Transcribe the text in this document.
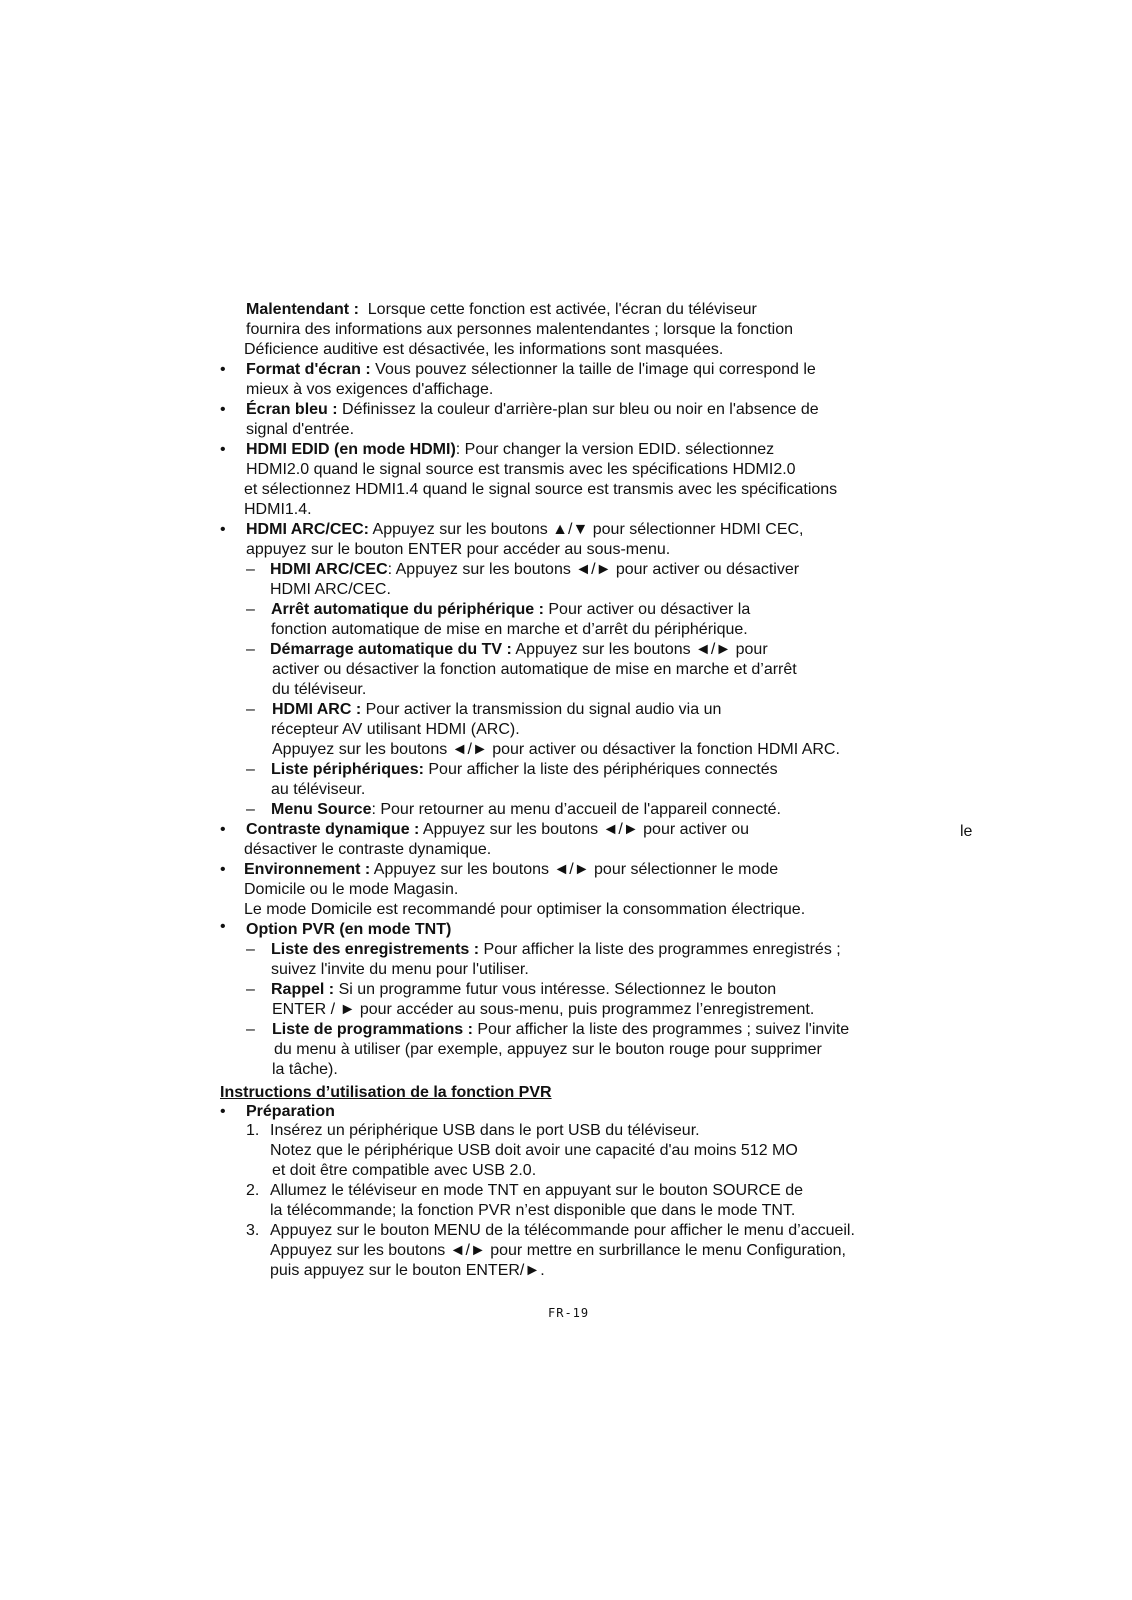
Malentendant : Lorsque cette fonction est activée, l'écran du téléviseur
fournira des informations aux personnes malentendantes ; lorsque la fonction
Déficience auditive est désactivée, les informations sont masquées.
• Format d'écran : Vous pouvez sélectionner la taille de l'image qui correspond le
mieux à vos exigences d'affichage.
• Écran bleu : Définissez la couleur d'arrière-plan sur bleu ou noir en l'absence de
signal d'entrée.
• HDMI EDID (en mode HDMI): Pour changer la version EDID. sélectionnez
HDMI2.0 quand le signal source est transmis avec les spécifications HDMI2.0
et sélectionnez HDMI1.4 quand le signal source est transmis avec les spécifications
HDMI1.4.
• HDMI ARC/CEC: Appuyez sur les boutons ▲/▼ pour sélectionner HDMI CEC,
appuyez sur le bouton ENTER pour accéder au sous-menu.
– HDMI ARC/CEC: Appuyez sur les boutons ◄/► pour activer ou désactiver
HDMI ARC/CEC.
– Arrêt automatique du périphérique : Pour activer ou désactiver la
fonction automatique de mise en marche et d’arrêt du périphérique.
– Démarrage automatique du TV : Appuyez sur les boutons ◄/► pour
activer ou désactiver la fonction automatique de mise en marche et d’arrêt
du téléviseur.
– HDMI ARC : Pour activer la transmission du signal audio via un
récepteur AV utilisant HDMI (ARC).
Appuyez sur les boutons ◄/► pour activer ou désactiver la fonction HDMI ARC.
– Liste périphériques: Pour afficher la liste des périphériques connectés
au téléviseur.
– Menu Source: Pour retourner au menu d’accueil de l'appareil connecté.
• Contraste dynamique : Appuyez sur les boutons ◄/► pour activer ou	le
désactiver le contraste dynamique.
• Environnement : Appuyez sur les boutons ◄/► pour sélectionner le mode
Domicile ou le mode Magasin.
Le mode Domicile est recommandé pour optimiser la consommation électrique.
• Option PVR (en mode TNT)
– Liste des enregistrements : Pour afficher la liste des programmes enregistrés ;
suivez l'invite du menu pour l'utiliser.
– Rappel : Si un programme futur vous intéresse. Sélectionnez le bouton
ENTER / ► pour accéder au sous-menu, puis programmez l’enregistrement.
– Liste de programmations : Pour afficher la liste des programmes ; suivez l'invite
du menu à utiliser (par exemple, appuyez sur le bouton rouge pour supprimer
la tâche).
Instructions d’utilisation de la fonction PVR
• Préparation
1. Insérez un périphérique USB dans le port USB du téléviseur.
Notez que le périphérique USB doit avoir une capacité d'au moins 512 MO
et doit être compatible avec USB 2.0.
2. Allumez le téléviseur en mode TNT en appuyant sur le bouton SOURCE de
la télécommande; la fonction PVR n’est disponible que dans le mode TNT.
3. Appuyez sur le bouton MENU de la télécommande pour afficher le menu d’accueil.
Appuyez sur les boutons ◄/► pour mettre en surbrillance le menu Configuration,
puis appuyez sur le bouton ENTER/►.
FR-19
